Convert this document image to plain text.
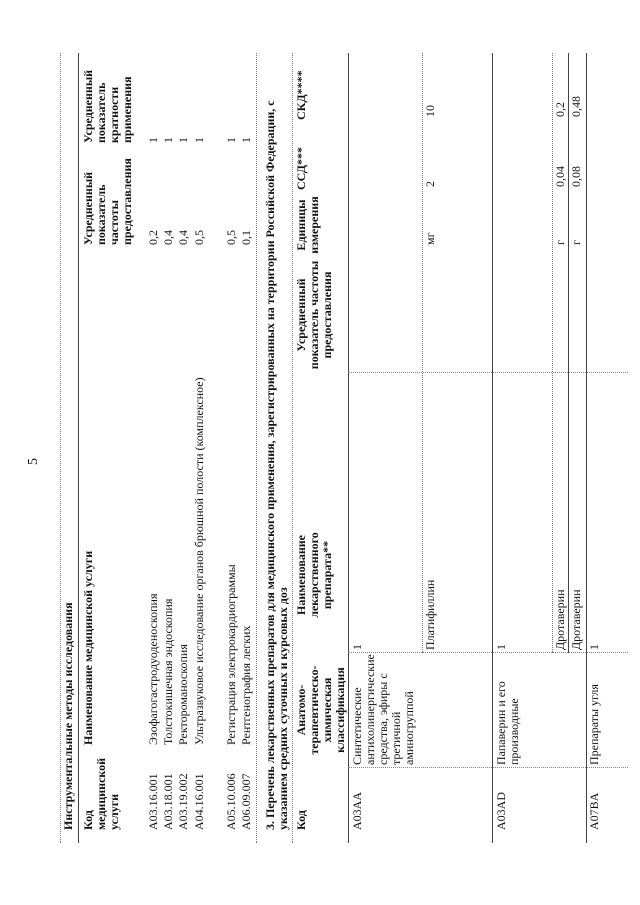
5
Инструментальные методы исследования Код медицинской услуги
Наименование медицинской услуги
Усредненный показатель частоты предоставления
Усредненный показатель кратности применения
A03.16.001
Эзофагогастродуоденоскопия
0,2
1
A03.18.001
Толстокишечная эндоскопия
0,4
1
A03.19.002
Ректороманоскопия
0,4
1
A04.16.001
Ультразвуковое исследование органов брюшной полости (комплексное)
0,5
1
A05.10.006
Регистрация электрокардиограммы
0,5
1
A06.09.007
Рентгенография легких
0,1
1 3. Перечень лекарственных препаратов для медицинского применения, зарегистрированных на территории Российской Федерации, с указанием средних суточных и курсовых доз Код
Анатомо-терапевтическо-химическая классификация
Наименование лекарственного препарата**
Усредненный показатель частоты предоставления
Единицы измерения
ССД***
СКД****
A03AA
Синтетические антихолинергические средства, эфиры с третичной аминогруппой
1	Платифиллин
мг
2
10
A03AD
Папаверин и его производные
1	Дротаверин
г
0,04
0,2
Дротаверин
г
0,08
0,48
A07BA
Препараты угля
1
